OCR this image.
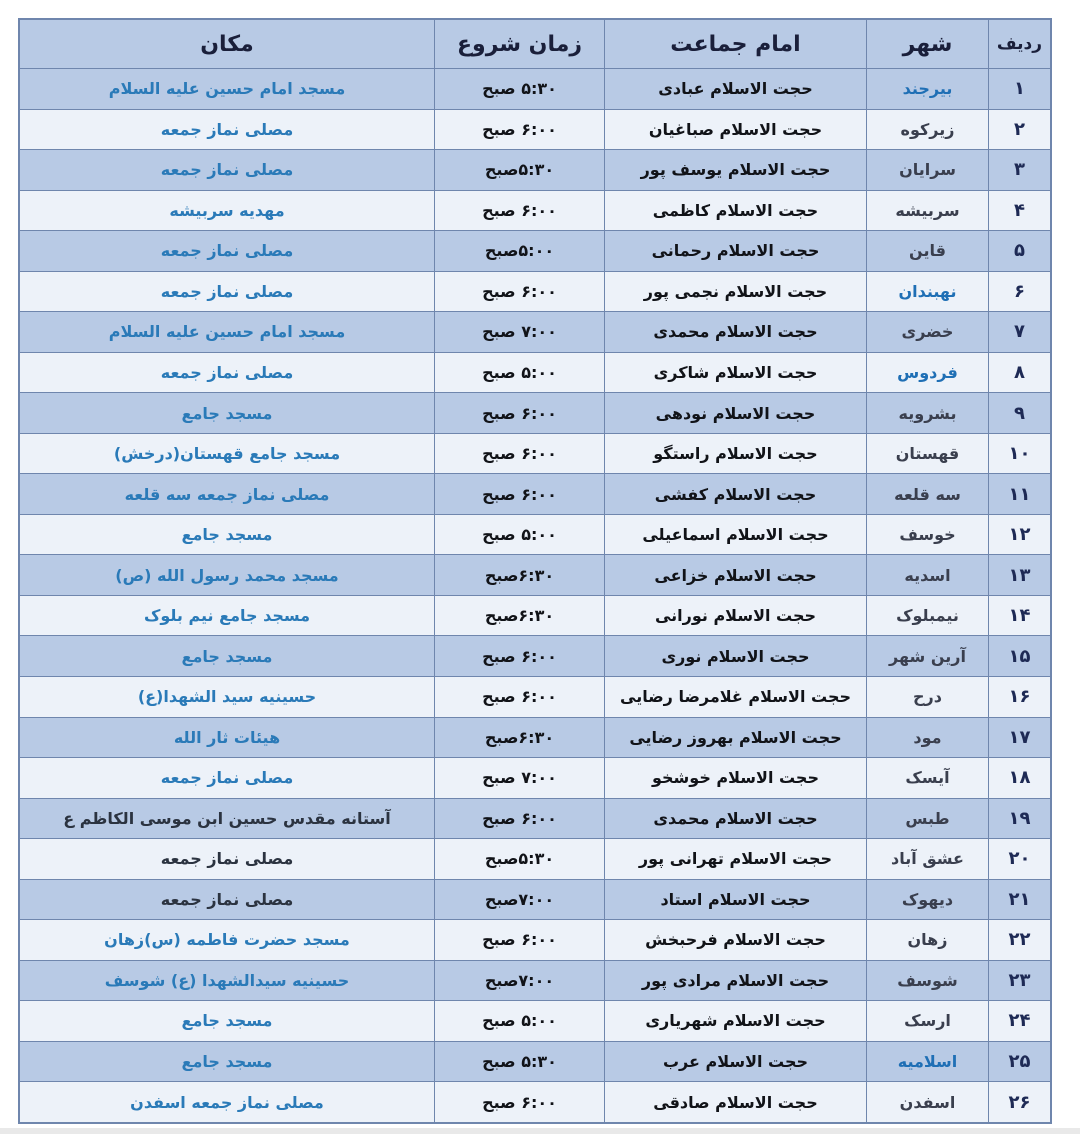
ردیف	شهر	امام جماعت	زمان شروع	مکان
۱	بیرجند	حجت الاسلام عبادی	۵:۳۰ صبح	مسجد امام حسین علیه السلام
۲	زیرکوه	حجت الاسلام صباغیان	۶:۰۰ صبح	مصلی نماز جمعه
۳	سرایان	حجت الاسلام یوسف پور	۵:۳۰صبح	مصلی نماز جمعه
۴	سربیشه	حجت الاسلام کاظمی	۶:۰۰ صبح	مهدیه سربیشه
۵	قاین	حجت الاسلام رحمانی	۵:۰۰صبح	مصلی نماز جمعه
۶	نهبندان	حجت الاسلام نجمی پور	۶:۰۰ صبح	مصلی نماز جمعه
۷	خضری	حجت الاسلام محمدی	۷:۰۰ صبح	مسجد امام حسین علیه السلام
۸	فردوس	حجت الاسلام شاکری	۵:۰۰ صبح	مصلی نماز جمعه
۹	بشرویه	حجت الاسلام نودهی	۶:۰۰ صبح	مسجد جامع
۱۰	قهستان	حجت الاسلام راستگو	۶:۰۰ صبح	مسجد جامع قهستان(درخش)
۱۱	سه قلعه	حجت الاسلام کفشی	۶:۰۰ صبح	مصلی نماز جمعه سه قلعه
۱۲	خوسف	حجت الاسلام اسماعیلی	۵:۰۰ صبح	مسجد جامع
۱۳	اسدیه	حجت الاسلام خزاعی	۶:۳۰صبح	مسجد محمد رسول الله (ص)
۱۴	نیمبلوک	حجت الاسلام نورانی	۶:۳۰صبح	مسجد جامع نیم بلوک
۱۵	آرین شهر	حجت الاسلام نوری	۶:۰۰ صبح	مسجد جامع
۱۶	درح	حجت الاسلام غلامرضا رضایی	۶:۰۰ صبح	حسینیه سید الشهدا(ع)
۱۷	مود	حجت الاسلام بهروز رضایی	۶:۳۰صبح	هیئات ثار الله
۱۸	آیسک	حجت الاسلام خوشخو	۷:۰۰ صبح	مصلی نماز جمعه
۱۹	طبس	حجت الاسلام محمدی	۶:۰۰ صبح	آستانه مقدس حسین ابن موسی الکاظم ع
۲۰	عشق آباد	حجت الاسلام تهرانی پور	۵:۳۰صبح	مصلی نماز جمعه
۲۱	دیهوک	حجت الاسلام استاد	۷:۰۰صبح	مصلی نماز جمعه
۲۲	زهان	حجت الاسلام فرحبخش	۶:۰۰ صبح	مسجد حضرت فاطمه (س)زهان
۲۳	شوسف	حجت الاسلام مرادی پور	۷:۰۰صبح	حسینیه سیدالشهدا (ع) شوسف
۲۴	ارسک	حجت الاسلام شهریاری	۵:۰۰ صبح	مسجد جامع
۲۵	اسلامیه	حجت الاسلام عرب	۵:۳۰ صبح	مسجد جامع
۲۶	اسفدن	حجت الاسلام صادقی	۶:۰۰ صبح	مصلی نماز جمعه اسفدن
